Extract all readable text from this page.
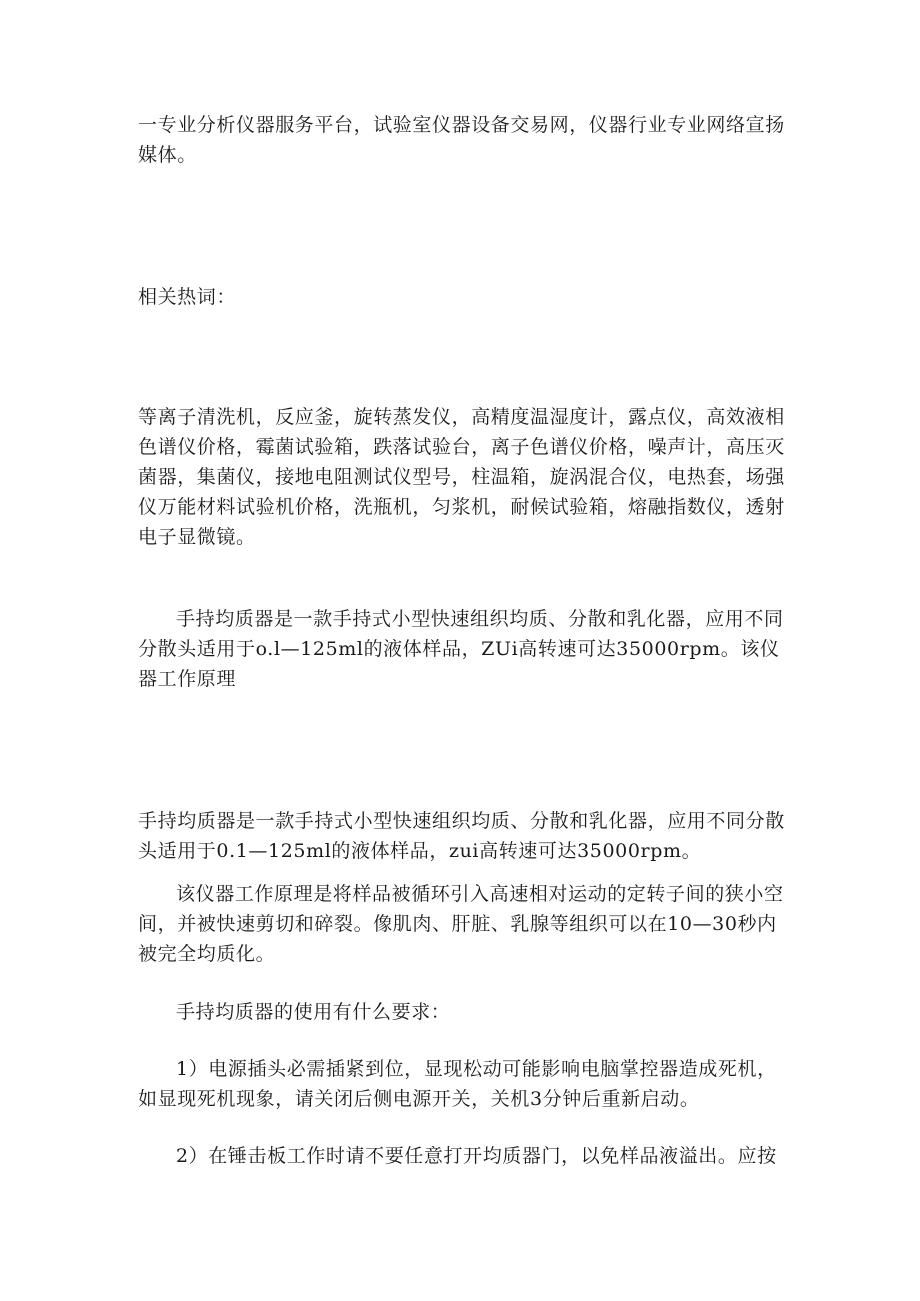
一专业分析仪器服务平台，试验室仪器设备交易网，仪器行业专业网络宣扬媒体。

相关热词：

等离子清洗机，反应釜，旋转蒸发仪，高精度温湿度计，露点仪，高效液相色谱仪价格，霉菌试验箱，跌落试验台，离子色谱仪价格，噪声计，高压灭菌器，集菌仪，接地电阻测试仪型号，柱温箱，旋涡混合仪，电热套，场强仪万能材料试验机价格，洗瓶机，匀浆机，耐候试验箱，熔融指数仪，透射电子显微镜。

手持均质器是一款手持式小型快速组织均质、分散和乳化器，应用不同分散头适用于o.l—125ml的液体样品，ZUi高转速可达35000rpm。该仪器工作原理

手持均质器是一款手持式小型快速组织均质、分散和乳化器，应用不同分散头适用于0.1—125ml的液体样品，zui高转速可达35000rpm。

该仪器工作原理是将样品被循环引入高速相对运动的定转子间的狭小空间，并被快速剪切和碎裂。像肌肉、肝脏、乳腺等组织可以在10—30秒内被完全均质化。

手持均质器的使用有什么要求：

1）电源插头必需插紧到位，显现松动可能影响电脑掌控器造成死机，如显现死机现象，请关闭后侧电源开关，关机3分钟后重新启动。

2）在锤击板工作时请不要任意打开均质器门，以免样品液溢出。应按
